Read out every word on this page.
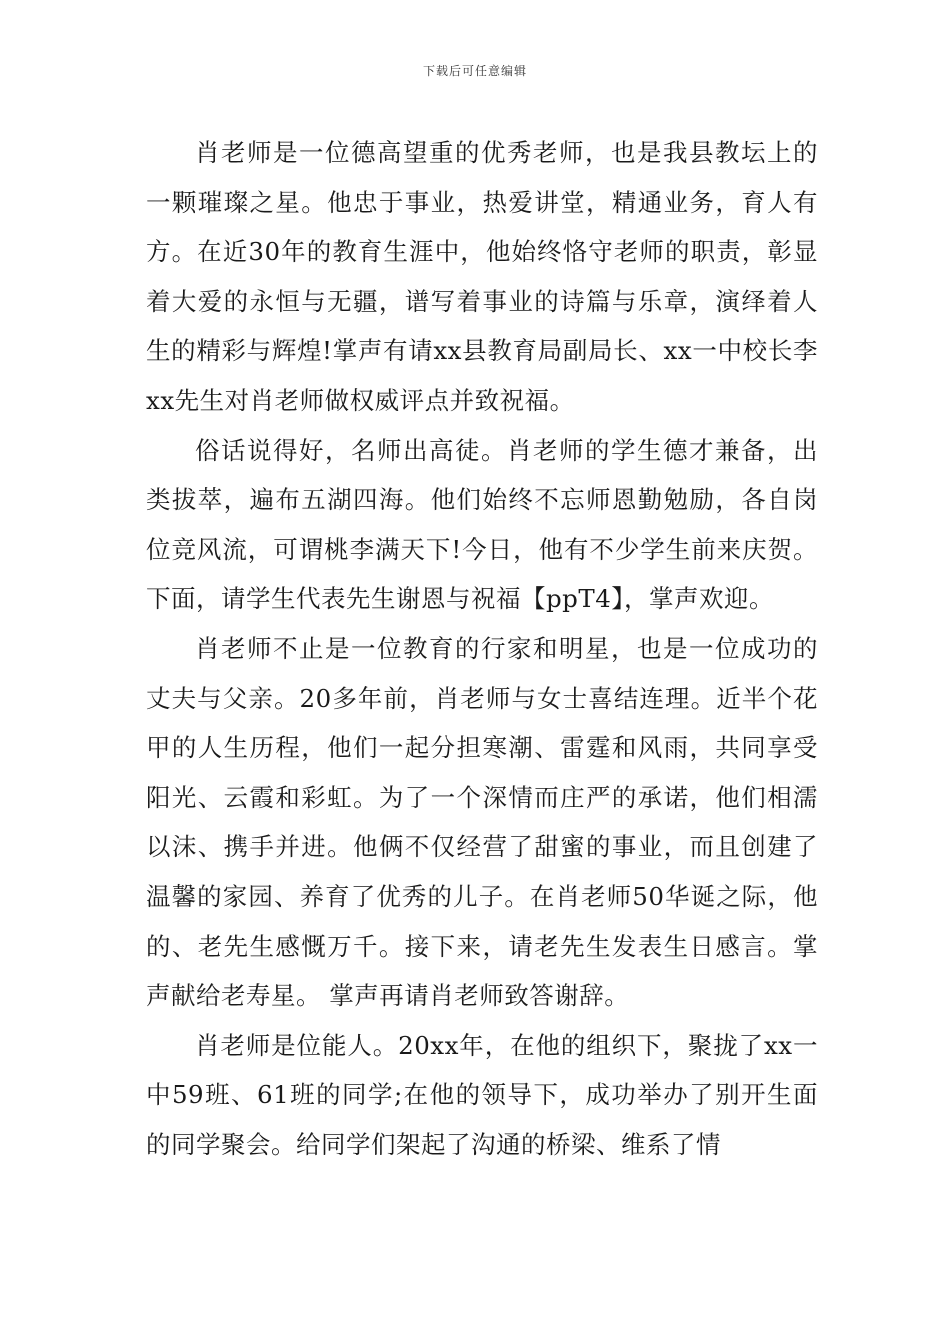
下载后可任意编辑

肖老师是一位德高望重的优秀老师，也是我县教坛上的一颗璀璨之星。他忠于事业，热爱讲堂，精通业务，育人有方。在近30年的教育生涯中，他始终恪守老师的职责，彰显着大爱的永恒与无疆，谱写着事业的诗篇与乐章，演绎着人生的精彩与辉煌!掌声有请xx县教育局副局长、xx一中校长李xx先生对肖老师做权威评点并致祝福。

俗话说得好，名师出高徒。肖老师的学生德才兼备，出类拔萃，遍布五湖四海。他们始终不忘师恩勤勉励，各自岗位竞风流，可谓桃李满天下!今日，他有不少学生前来庆贺。下面，请学生代表先生谢恩与祝福【ppT4】，掌声欢迎。

肖老师不止是一位教育的行家和明星，也是一位成功的丈夫与父亲。20多年前，肖老师与女士喜结连理。近半个花甲的人生历程，他们一起分担寒潮、雷霆和风雨，共同享受阳光、云霞和彩虹。为了一个深情而庄严的承诺，他们相濡以沫、携手并进。他俩不仅经营了甜蜜的事业，而且创建了温馨的家园、养育了优秀的儿子。在肖老师50华诞之际，他的、老先生感慨万千。接下来，请老先生发表生日感言。掌声献给老寿星。 掌声再请肖老师致答谢辞。

肖老师是位能人。20xx年，在他的组织下，聚拢了xx一中59班、61班的同学;在他的领导下，成功举办了别开生面的同学聚会。给同学们架起了沟通的桥梁、维系了情
